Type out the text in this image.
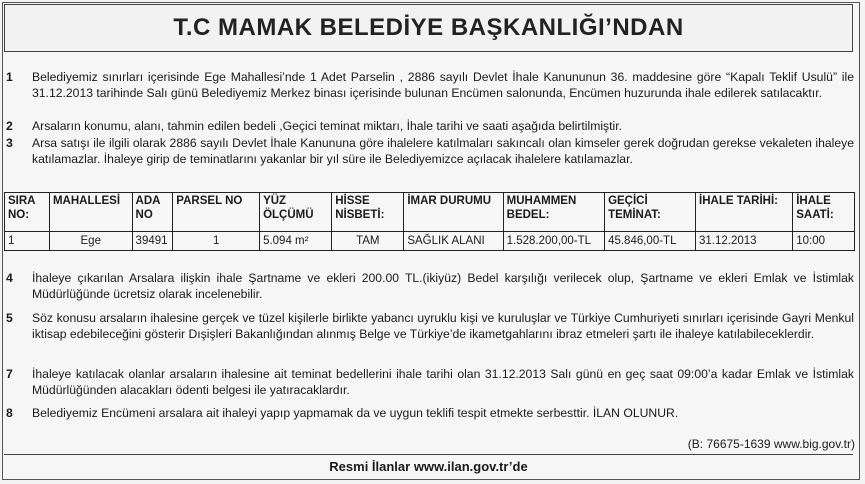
T.C MAMAK BELEDİYE BAŞKANLIĞI’NDAN
1 Belediyemiz sınırları içerisinde Ege Mahallesi’nde 1 Adet Parselin , 2886 sayılı Devlet İhale Kanununun 36. maddesine göre “Kapalı Teklif Usulü” ile 31.12.2013 tarihinde Salı günü Belediyemiz Merkez binası içerisinde bulunan Encümen salonunda, Encümen huzurunda ihale edilerek satılacaktır.
2 Arsaların konumu, alanı, tahmin edilen bedeli ,Geçici teminat miktarı, İhale tarihi ve saati aşağıda belirtilmiştir.
3 Arsa satışı ile ilgili olarak 2886 sayılı Devlet İhale Kanununa göre ihalelere katılmaları sakıncalı olan kimseler gerek doğrudan gerekse vekaleten ihaleye katılamazlar. İhaleye girip de teminatlarını yakanlar bir yıl süre ile Belediyemizce açılacak ihalelere katılamazlar.
SIRA NO:	MAHALLESİ	ADA NO	PARSEL NO	YÜZ ÖLÇÜMÜ	HİSSE NİSBETİ:	İMAR DURUMU	MUHAMMEN BEDEL:	GEÇİCİ TEMİNAT:	İHALE TARİHİ:	İHALE SAATİ:
1	Ege	39491	1	5.094 m²	TAM	SAĞLIK ALANI	1.528.200,00-TL	45.846,00-TL	31.12.2013	10:00
4 İhaleye çıkarılan Arsalara ilişkin ihale Şartname ve ekleri 200.00 TL.(ikiyüz) Bedel karşılığı verilecek olup, Şartname ve ekleri Emlak ve İstimlak Müdürlüğünde ücretsiz olarak incelenebilir.
5 Söz konusu arsaların ihalesine gerçek ve tüzel kişilerle birlikte yabancı uyruklu kişi ve kuruluşlar ve Türkiye Cumhuriyeti sınırları içerisinde Gayri Menkul iktisap edebileceğini gösterir Dışişleri Bakanlığından alınmış Belge ve Türkiye’de ikametgahlarını ibraz etmeleri şartı ile ihaleye katılabileceklerdir.
7 İhaleye katılacak olanlar arsaların ihalesine ait teminat bedellerini ihale tarihi olan 31.12.2013 Salı günü en geç saat 09:00’a kadar Emlak ve İstimlak Müdürlüğünden alacakları ödenti belgesi ile yatıracaklardır.
8 Belediyemiz Encümeni arsalara ait ihaleyi yapıp yapmamak da ve uygun teklifi tespit etmekte serbesttir. İLAN OLUNUR.
(B: 76675-1639 www.big.gov.tr)
Resmi İlanlar www.ilan.gov.tr’de
